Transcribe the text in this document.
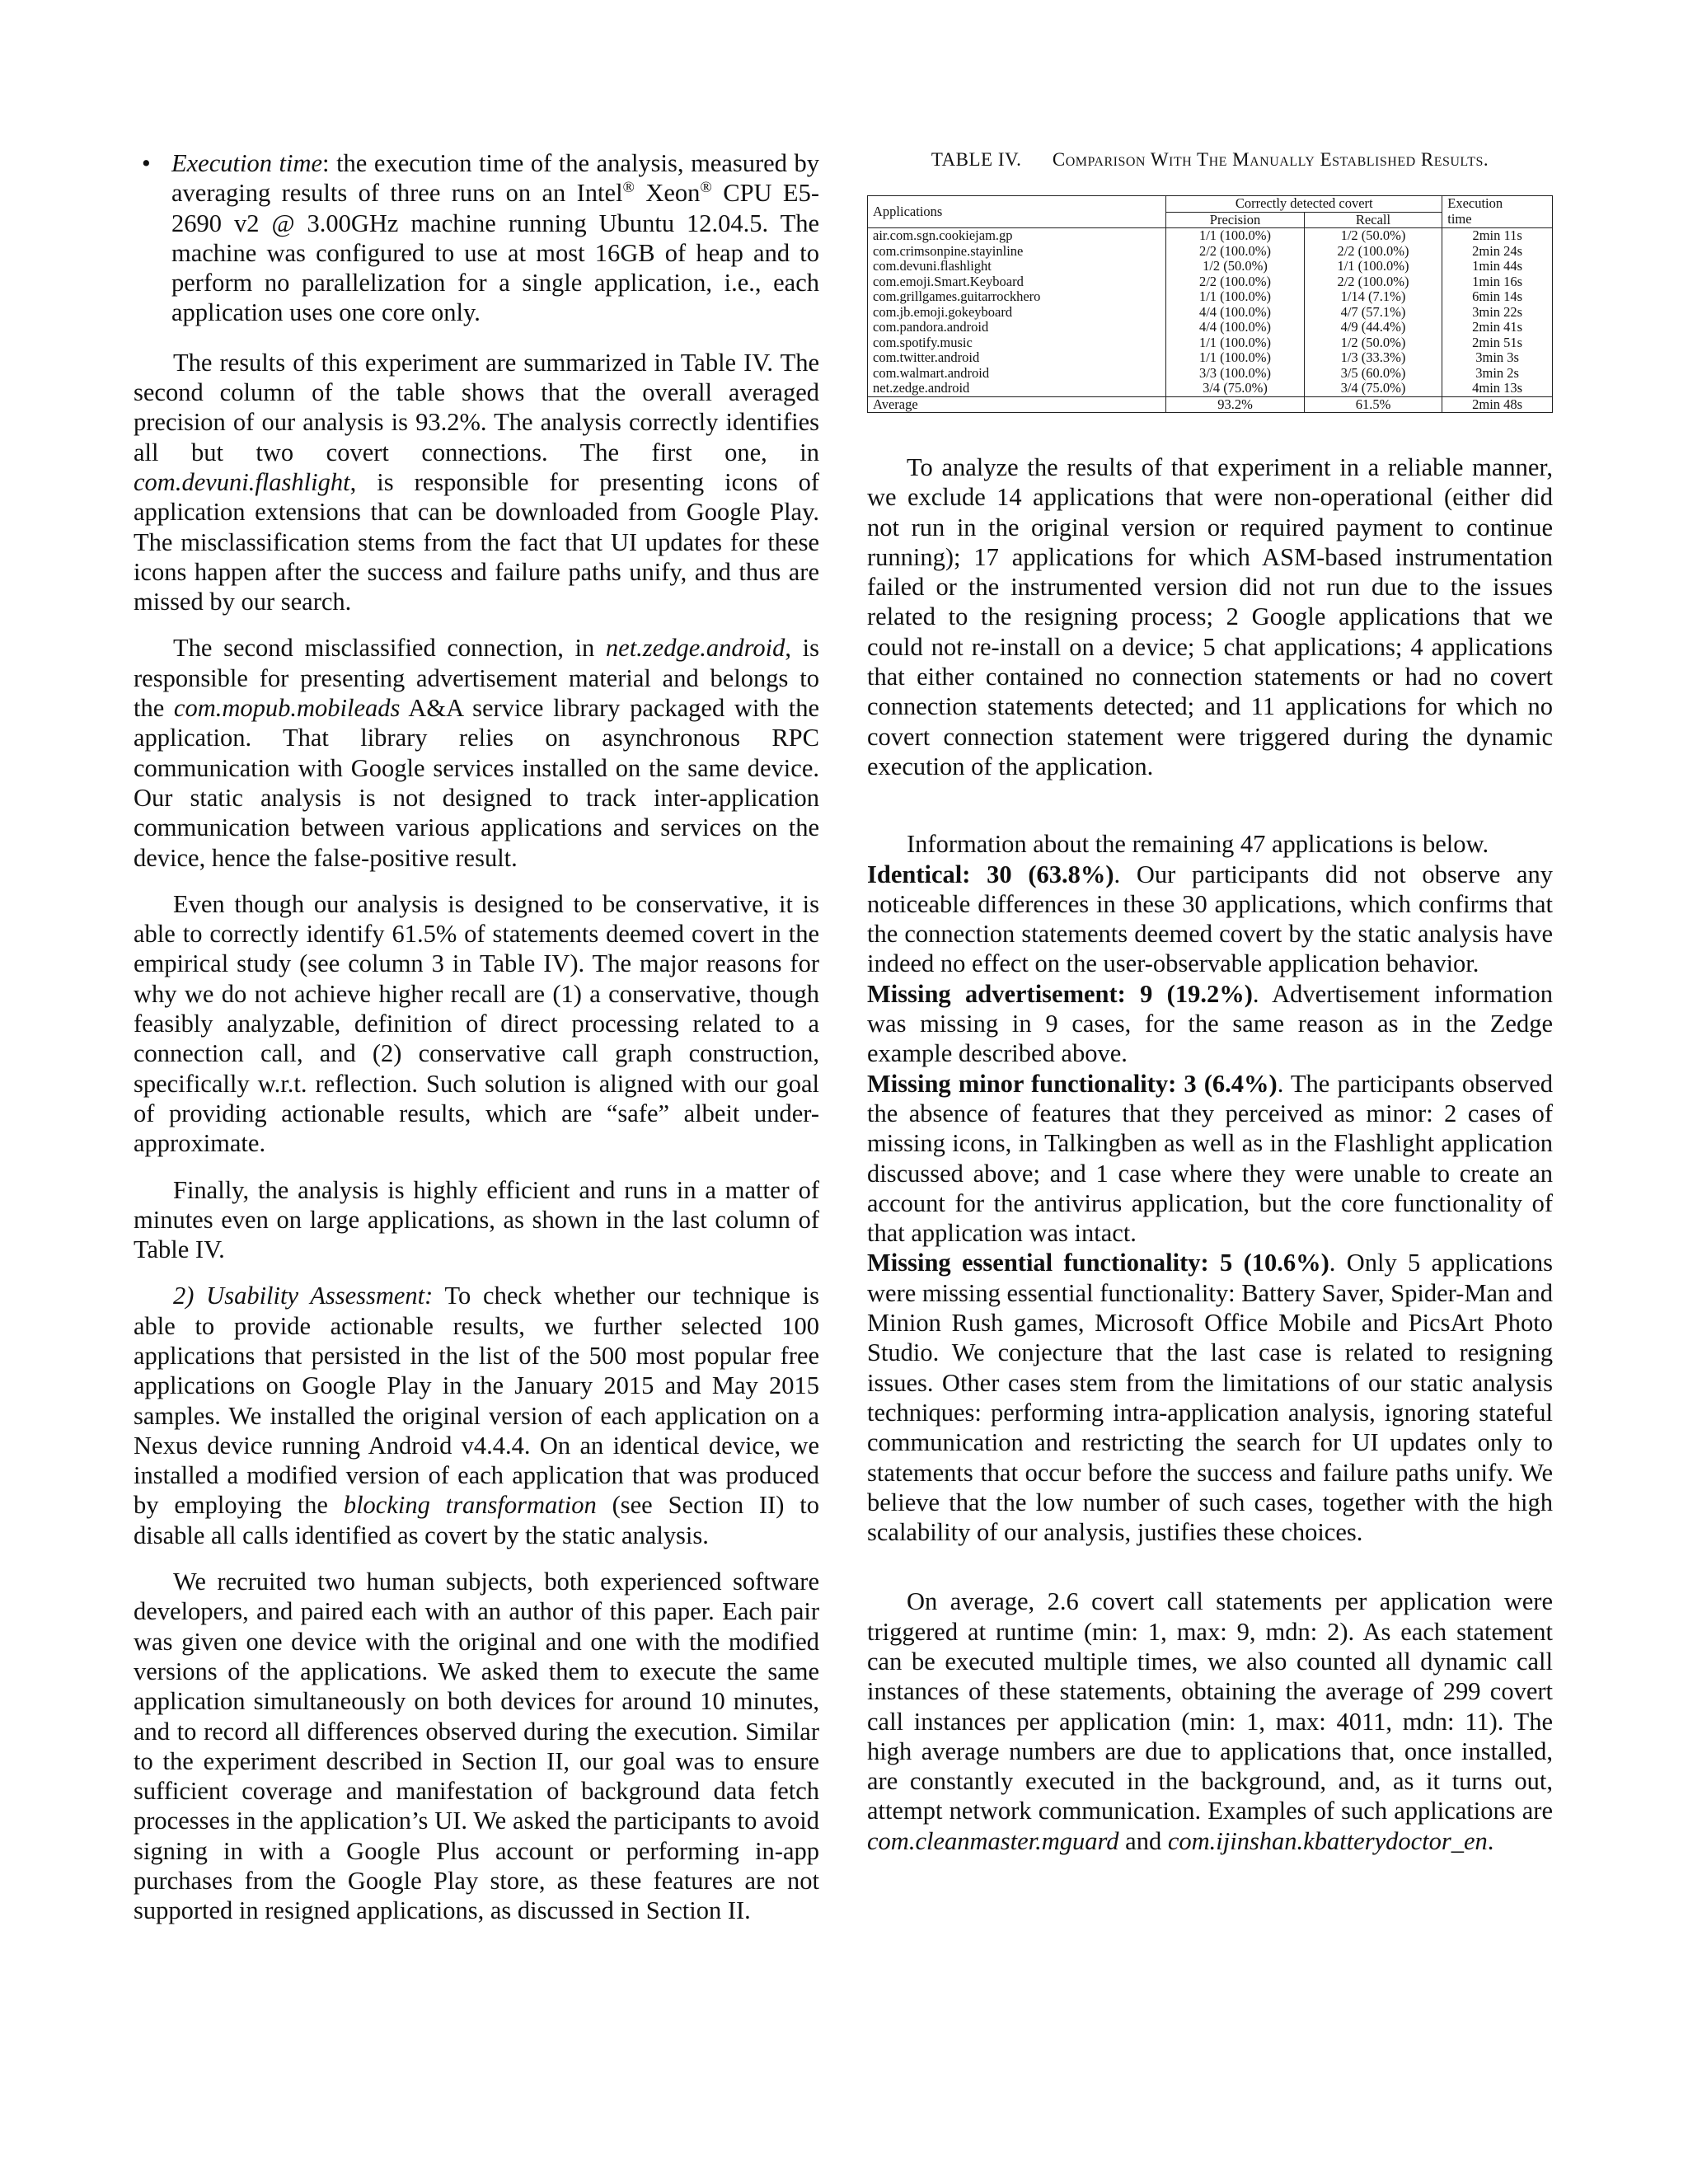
• Execution time: the execution time of the analysis, measured by averaging results of three runs on an Intel® Xeon® CPU E5-2690 v2 @ 3.00GHz machine running Ubuntu 12.04.5. The machine was configured to use at most 16GB of heap and to perform no parallelization for a single application, i.e., each application uses one core only.

The results of this experiment are summarized in Table IV. The second column of the table shows that the overall averaged precision of our analysis is 93.2%. The analysis correctly identifies all but two covert connections. The first one, in com.devuni.flashlight, is responsible for presenting icons of application extensions that can be downloaded from Google Play. The misclassification stems from the fact that UI updates for these icons happen after the success and failure paths unify, and thus are missed by our search.

The second misclassified connection, in net.zedge.android, is responsible for presenting advertisement material and belongs to the com.mopub.mobileads A&A service library packaged with the application. That library relies on asynchronous RPC communication with Google services installed on the same device. Our static analysis is not designed to track inter-application communication between various applications and services on the device, hence the false-positive result.

Even though our analysis is designed to be conservative, it is able to correctly identify 61.5% of statements deemed covert in the empirical study (see column 3 in Table IV). The major reasons for why we do not achieve higher recall are (1) a conservative, though feasibly analyzable, definition of direct processing related to a connection call, and (2) conservative call graph construction, specifically w.r.t. reflection. Such solution is aligned with our goal of providing actionable results, which are “safe” albeit under-approximate.

Finally, the analysis is highly efficient and runs in a matter of minutes even on large applications, as shown in the last column of Table IV.

2) Usability Assessment: To check whether our technique is able to provide actionable results, we further selected 100 applications that persisted in the list of the 500 most popular free applications on Google Play in the January 2015 and May 2015 samples. We installed the original version of each application on a Nexus device running Android v4.4.4. On an identical device, we installed a modified version of each application that was produced by employing the blocking transformation (see Section II) to disable all calls identified as covert by the static analysis.

We recruited two human subjects, both experienced software developers, and paired each with an author of this paper. Each pair was given one device with the original and one with the modified versions of the applications. We asked them to execute the same application simultaneously on both devices for around 10 minutes, and to record all differences observed during the execution. Similar to the experiment described in Section II, our goal was to ensure sufficient coverage and manifestation of background data fetch processes in the application’s UI. We asked the participants to avoid signing in with a Google Plus account or performing in-app purchases from the Google Play store, as these features are not supported in resigned applications, as discussed in Section II.

TABLE IV. Comparison With The Manually Established Results.
Applications	Correctly detected covert		Execution
	Precision	Recall	time
air.com.sgn.cookiejam.gp	1/1 (100.0%)	1/2 (50.0%)	2min 11s
com.crimsonpine.stayinline	2/2 (100.0%)	2/2 (100.0%)	2min 24s
com.devuni.flashlight	1/2 (50.0%)	1/1 (100.0%)	1min 44s
com.emoji.Smart.Keyboard	2/2 (100.0%)	2/2 (100.0%)	1min 16s
com.grillgames.guitarrockhero	1/1 (100.0%)	1/14 (7.1%)	6min 14s
com.jb.emoji.gokeyboard	4/4 (100.0%)	4/7 (57.1%)	3min 22s
com.pandora.android	4/4 (100.0%)	4/9 (44.4%)	2min 41s
com.spotify.music	1/1 (100.0%)	1/2 (50.0%)	2min 51s
com.twitter.android	1/1 (100.0%)	1/3 (33.3%)	3min 3s
com.walmart.android	3/3 (100.0%)	3/5 (60.0%)	3min 2s
net.zedge.android	3/4 (75.0%)	3/4 (75.0%)	4min 13s
Average	93.2%	61.5%	2min 48s

To analyze the results of that experiment in a reliable manner, we exclude 14 applications that were non-operational (either did not run in the original version or required payment to continue running); 17 applications for which ASM-based instrumentation failed or the instrumented version did not run due to the issues related to the resigning process; 2 Google applications that we could not re-install on a device; 5 chat applications; 4 applications that either contained no connection statements or had no covert connection statements detected; and 11 applications for which no covert connection statement were triggered during the dynamic execution of the application.

Information about the remaining 47 applications is below.

Identical: 30 (63.8%). Our participants did not observe any noticeable differences in these 30 applications, which confirms that the connection statements deemed covert by the static analysis have indeed no effect on the user-observable application behavior.

Missing advertisement: 9 (19.2%). Advertisement information was missing in 9 cases, for the same reason as in the Zedge example described above.

Missing minor functionality: 3 (6.4%). The participants observed the absence of features that they perceived as minor: 2 cases of missing icons, in Talkingben as well as in the Flashlight application discussed above; and 1 case where they were unable to create an account for the antivirus application, but the core functionality of that application was intact.

Missing essential functionality: 5 (10.6%). Only 5 applications were missing essential functionality: Battery Saver, Spider-Man and Minion Rush games, Microsoft Office Mobile and PicsArt Photo Studio. We conjecture that the last case is related to resigning issues. Other cases stem from the limitations of our static analysis techniques: performing intra-application analysis, ignoring stateful communication and restricting the search for UI updates only to statements that occur before the success and failure paths unify. We believe that the low number of such cases, together with the high scalability of our analysis, justifies these choices.

On average, 2.6 covert call statements per application were triggered at runtime (min: 1, max: 9, mdn: 2). As each statement can be executed multiple times, we also counted all dynamic call instances of these statements, obtaining the average of 299 covert call instances per application (min: 1, max: 4011, mdn: 11). The high average numbers are due to applications that, once installed, are constantly executed in the background, and, as it turns out, attempt network communication. Examples of such applications are com.cleanmaster.mguard and com.ijinshan.kbatterydoctor_en.
